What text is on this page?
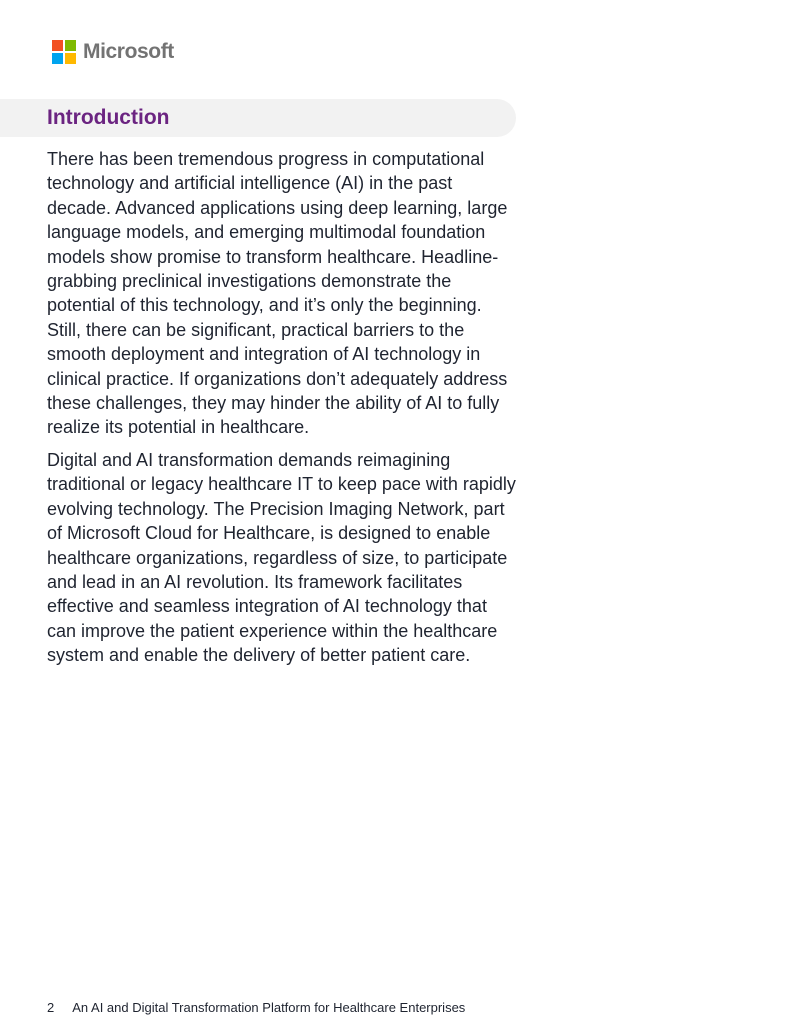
Microsoft
Introduction

There has been tremendous progress in computational technology and artificial intelligence (AI) in the past decade. Advanced applications using deep learning, large language models, and emerging multimodal foundation models show promise to transform healthcare. Headline-grabbing preclinical investigations demonstrate the potential of this technology, and it’s only the beginning. Still, there can be significant, practical barriers to the smooth deployment and integration of AI technology in clinical practice. If organizations don’t adequately address these challenges, they may hinder the ability of AI to fully realize its potential in healthcare.

Digital and AI transformation demands reimagining traditional or legacy healthcare IT to keep pace with rapidly evolving technology. The Precision Imaging Network, part of Microsoft Cloud for Healthcare, is designed to enable healthcare organizations, regardless of size, to participate and lead in an AI revolution. Its framework facilitates effective and seamless integration of AI technology that can improve the patient experience within the healthcare system and enable the delivery of better patient care.

2 An AI and Digital Transformation Platform for Healthcare Enterprises
